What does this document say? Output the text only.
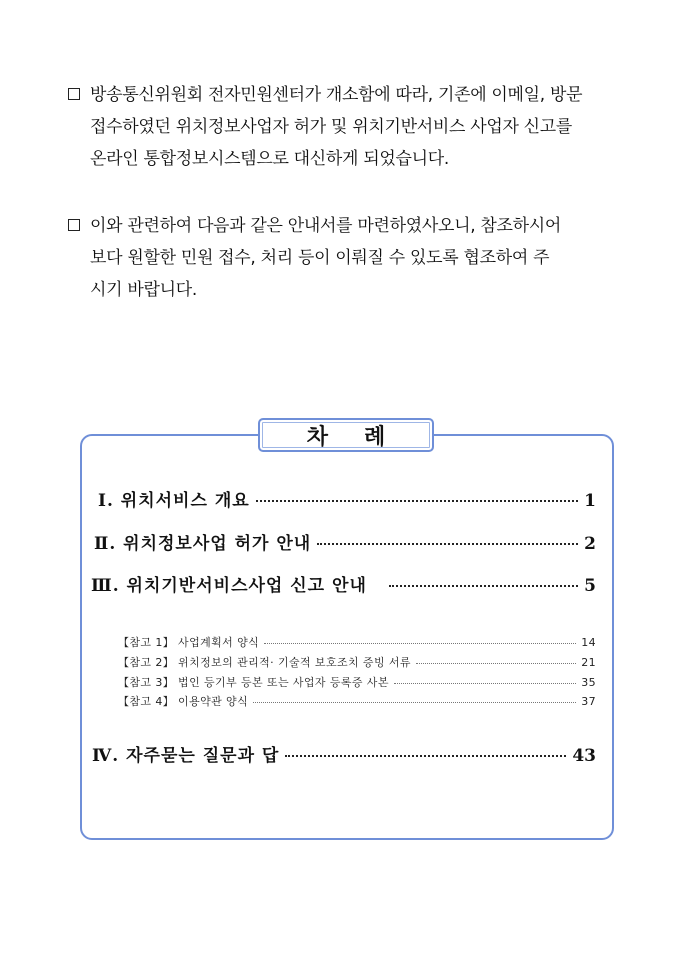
방송통신위원회 전자민원센터가 개소함에 따라, 기존에 이메일, 방문
접수하였던 위치정보사업자 허가 및 위치기반서비스 사업자 신고를
온라인 통합정보시스템으로 대신하게 되었습니다.
이와 관련하여 다음과 같은 안내서를 마련하였사오니, 참조하시어
보다 원할한 민원 접수, 처리 등이 이뤄질 수 있도록 협조하여 주
시기 바랍니다.
차례
Ⅰ. 위치서비스 개요	1
Ⅱ. 위치정보사업 허가 안내	2
Ⅲ. 위치기반서비스사업 신고 안내	5
【참고 1】 사업계획서 양식	14
【참고 2】 위치정보의 관리적· 기술적 보호조치 증빙 서류	21
【참고 3】 법인 등기부 등본 또는 사업자 등록증 사본	35
【참고 4】 이용약관 양식	37
Ⅳ. 자주묻는 질문과 답	43
